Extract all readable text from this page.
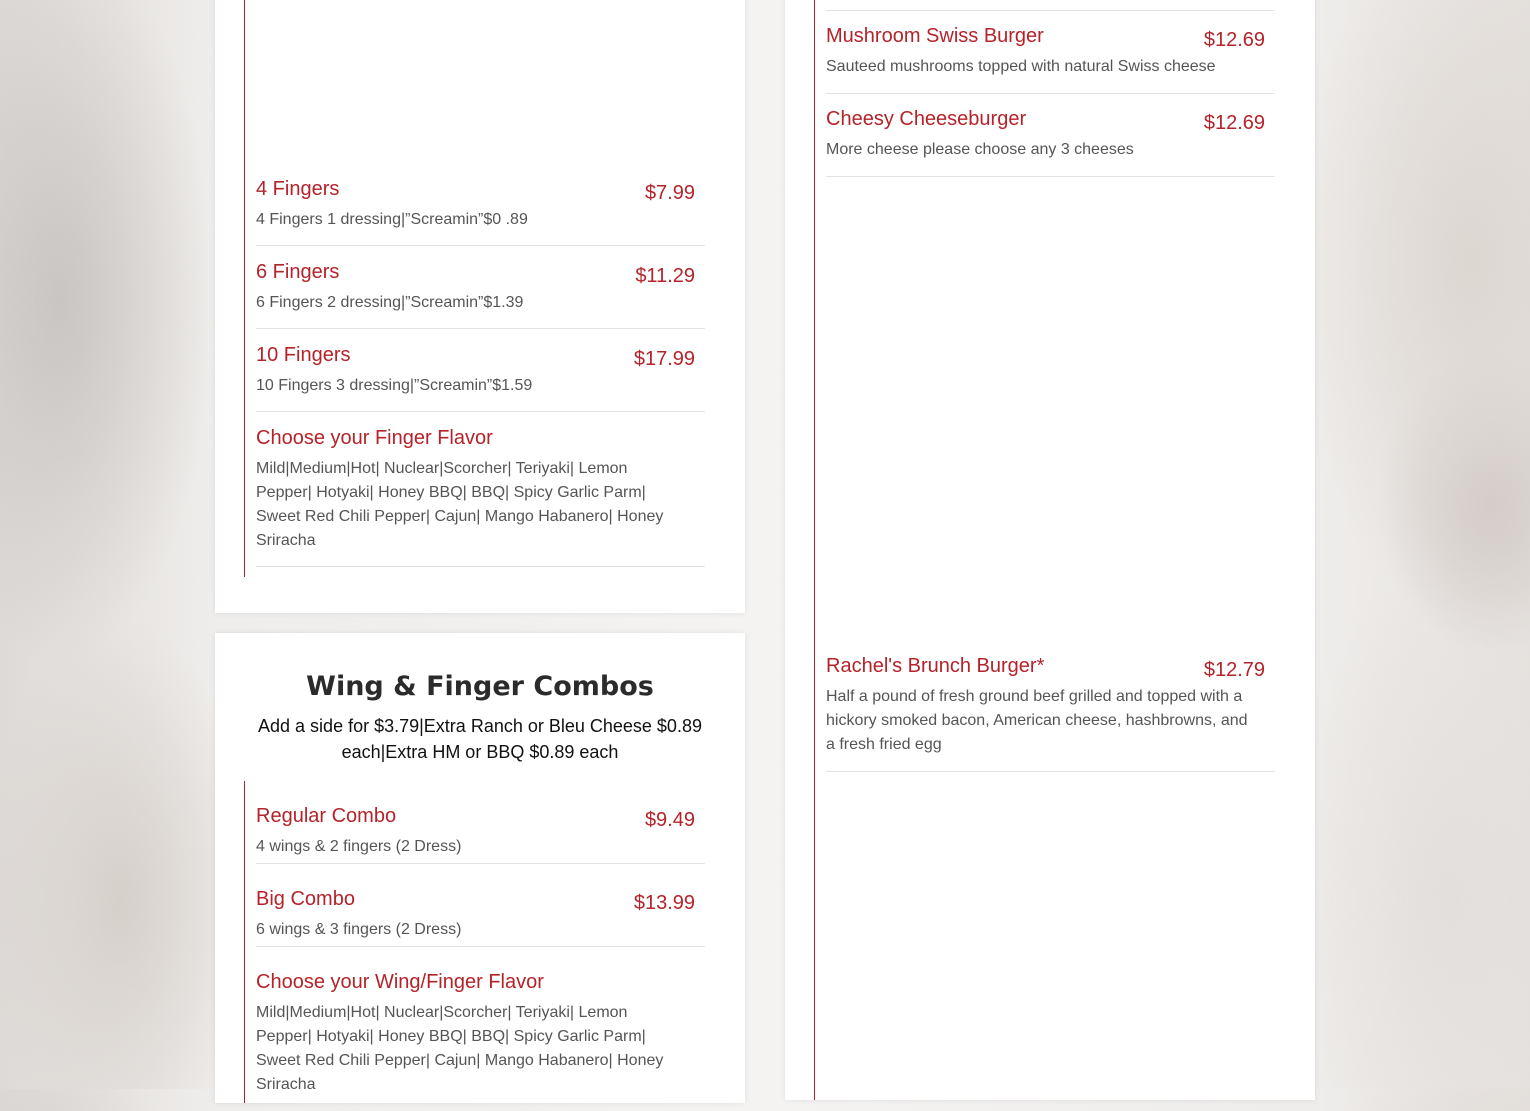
4 Fingers	$7.99
4 Fingers 1 dressing|”Screamin”$0 .89
6 Fingers	$11.29
6 Fingers 2 dressing|”Screamin”$1.39
10 Fingers	$17.99
10 Fingers 3 dressing|”Screamin”$1.59
Choose your Finger Flavor
Mild|Medium|Hot| Nuclear|Scorcher| Teriyaki| Lemon Pepper| Hotyaki| Honey BBQ| BBQ| Spicy Garlic Parm| Sweet Red Chili Pepper| Cajun| Mango Habanero| Honey Sriracha
Wing & Finger Combos
Add a side for $3.79|Extra Ranch or Bleu Cheese $0.89 each|Extra HM or BBQ $0.89 each
Regular Combo	$9.49
4 wings & 2 fingers (2 Dress)
Big Combo	$13.99
6 wings & 3 fingers (2 Dress)
Choose your Wing/Finger Flavor
Mild|Medium|Hot| Nuclear|Scorcher| Teriyaki| Lemon Pepper| Hotyaki| Honey BBQ| BBQ| Spicy Garlic Parm| Sweet Red Chili Pepper| Cajun| Mango Habanero| Honey Sriracha
Mushroom Swiss Burger	$12.69
Sauteed mushrooms topped with natural Swiss cheese
Cheesy Cheeseburger	$12.69
More cheese please choose any 3 cheeses
Rachel's Brunch Burger*	$12.79
Half a pound of fresh ground beef grilled and topped with a hickory smoked bacon, American cheese, hashbrowns, and a fresh fried egg
